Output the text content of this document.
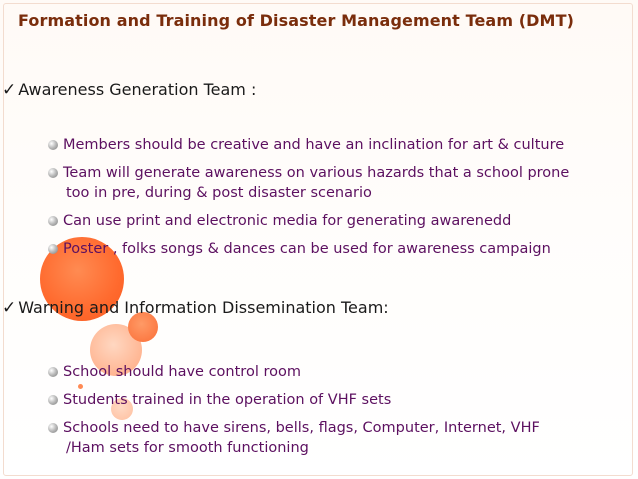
Formation and Training of Disaster Management Team (DMT)
✓ Awareness Generation Team :
Members should be creative and have an inclination for art & culture
Team will generate awareness on various hazards that a school prone
too in pre, during & post disaster scenario
Can use print and electronic media for generating awarenedd
Poster , folks songs & dances can be used for awareness campaign
✓ Warning and Information Dissemination Team:
School should have control room
Students trained in the operation of VHF sets
Schools need to have sirens, bells, flags, Computer, Internet, VHF
/Ham sets for smooth functioning
